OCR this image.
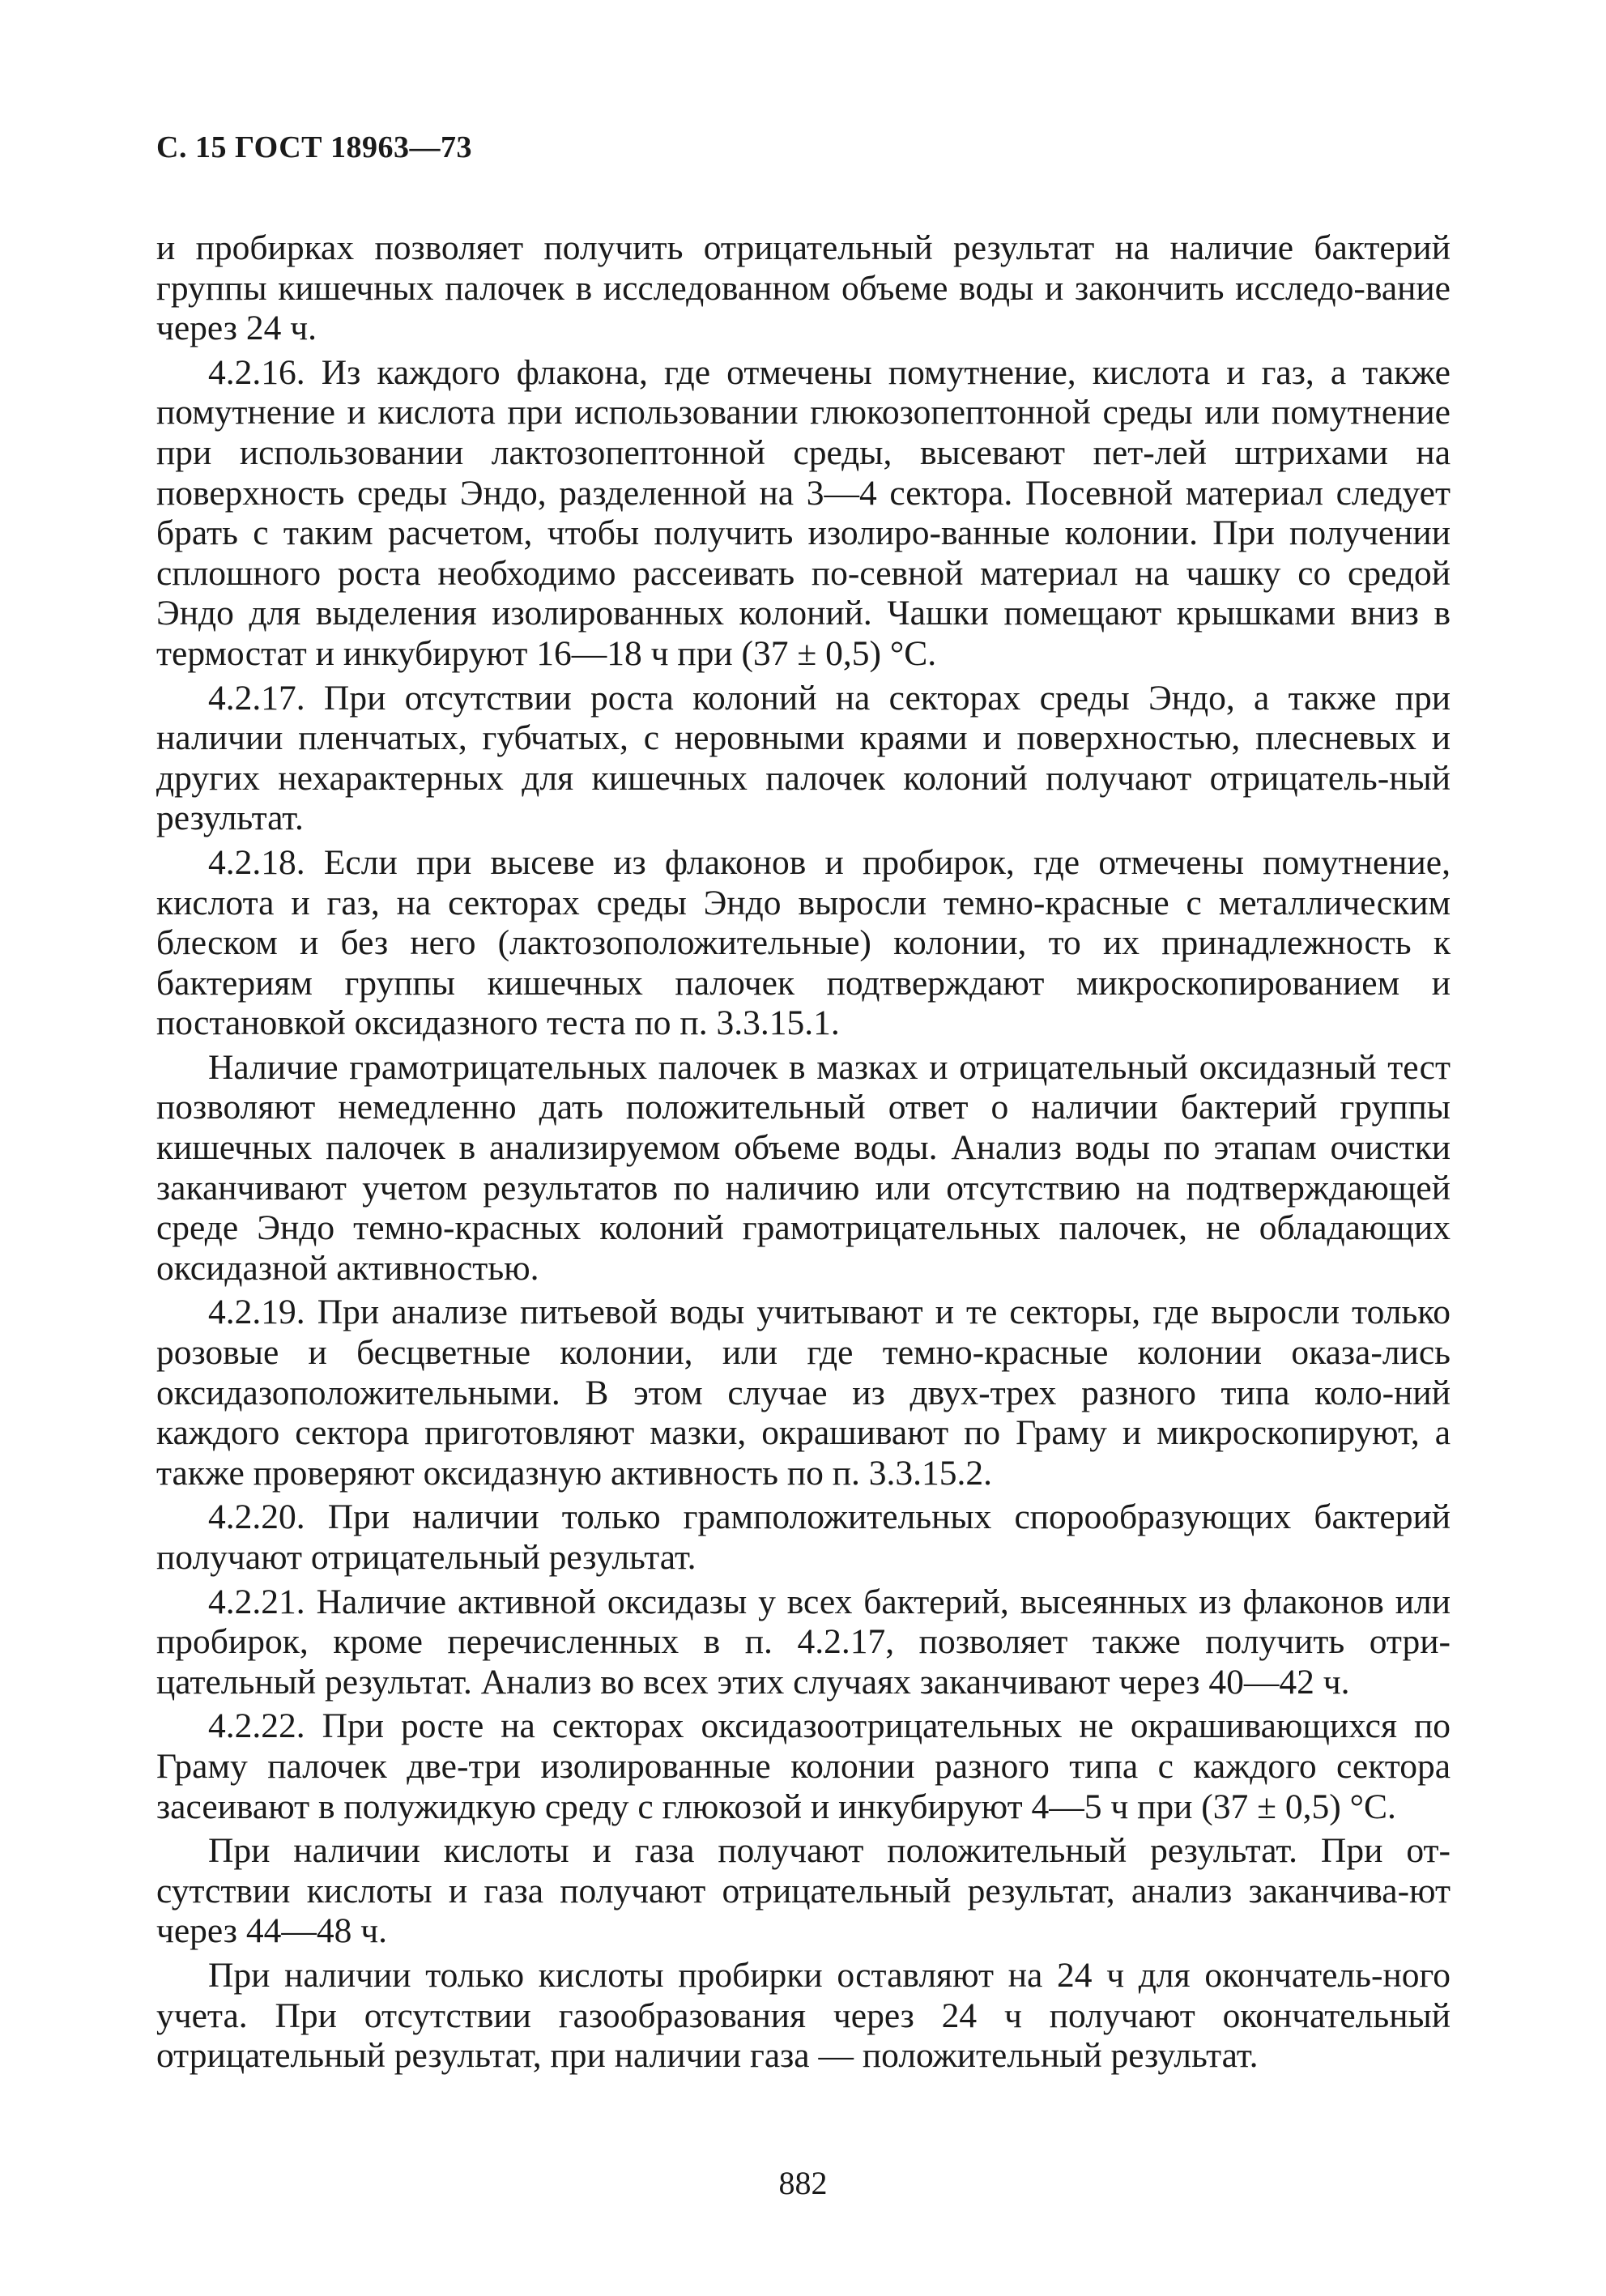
С. 15 ГОСТ 18963—73

и пробирках позволяет получить отрицательный результат на наличие бактерий группы кишечных палочек в исследованном объеме воды и закончить исследо-вание через 24 ч.

4.2.16. Из каждого флакона, где отмечены помутнение, кислота и газ, а также помутнение и кислота при использовании глюкозопептонной среды или помутнение при использовании лактозопептонной среды, высевают пет-лей штрихами на поверхность среды Эндо, разделенной на 3—4 сектора. Посевной материал следует брать с таким расчетом, чтобы получить изолиро-ванные колонии. При получении сплошного роста необходимо рассеивать по-севной материал на чашку со средой Эндо для выделения изолированных колоний. Чашки помещают крышками вниз в термостат и инкубируют 16—18 ч при (37 ± 0,5) °С.

4.2.17. При отсутствии роста колоний на секторах среды Эндо, а также при наличии пленчатых, губчатых, с неровными краями и поверхностью, плесневых и других нехарактерных для кишечных палочек колоний получают отрицатель-ный результат.

4.2.18. Если при высеве из флаконов и пробирок, где отмечены помутнение, кислота и газ, на секторах среды Эндо выросли темно-красные с металлическим блеском и без него (лактозоположительные) колонии, то их принадлежность к бактериям группы кишечных палочек подтверждают микроскопированием и постановкой оксидазного теста по п. 3.3.15.1.

Наличие грамотрицательных палочек в мазках и отрицательный оксидазный тест позволяют немедленно дать положительный ответ о наличии бактерий группы кишечных палочек в анализируемом объеме воды. Анализ воды по этапам очистки заканчивают учетом результатов по наличию или отсутствию на подтверждающей среде Эндо темно-красных колоний грамотрицательных палочек, не обладающих оксидазной активностью.

4.2.19. При анализе питьевой воды учитывают и те секторы, где выросли только розовые и бесцветные колонии, или где темно-красные колонии оказа-лись оксидазоположительными. В этом случае из двух-трех разного типа коло-ний каждого сектора приготовляют мазки, окрашивают по Граму и микроскопируют, а также проверяют оксидазную активность по п. 3.3.15.2.

4.2.20. При наличии только грамположительных спорообразующих бактерий получают отрицательный результат.

4.2.21. Наличие активной оксидазы у всех бактерий, высеянных из флаконов или пробирок, кроме перечисленных в п. 4.2.17, позволяет также получить отри-цательный результат. Анализ во всех этих случаях заканчивают через 40—42 ч.

4.2.22. При росте на секторах оксидазоотрицательных не окрашивающихся по Граму палочек две-три изолированные колонии разного типа с каждого сектора засеивают в полужидкую среду с глюкозой и инкубируют 4—5 ч при (37 ± 0,5) °С.

При наличии кислоты и газа получают положительный результат. При от-сутствии кислоты и газа получают отрицательный результат, анализ заканчива-ют через 44—48 ч.

При наличии только кислоты пробирки оставляют на 24 ч для окончатель-ного учета. При отсутствии газообразования через 24 ч получают окончательный отрицательный результат, при наличии газа — положительный результат.

882
